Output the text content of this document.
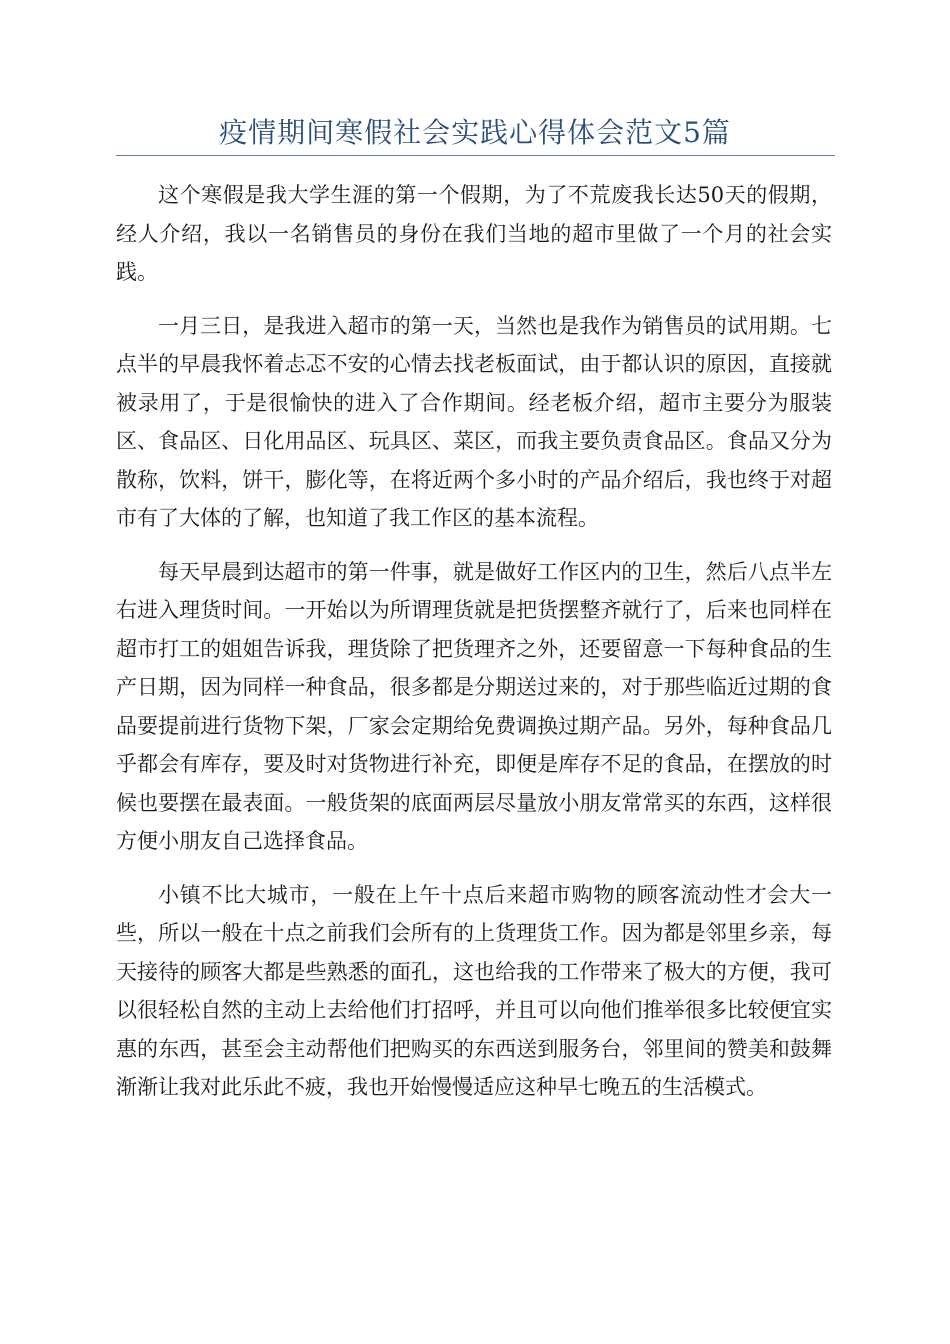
疫情期间寒假社会实践心得体会范文5篇

这个寒假是我大学生涯的第一个假期，为了不荒废我长达50天的假期，经人介绍，我以一名销售员的身份在我们当地的超市里做了一个月的社会实践。

一月三日，是我进入超市的第一天，当然也是我作为销售员的试用期。七点半的早晨我怀着忐忑不安的心情去找老板面试，由于都认识的原因，直接就被录用了，于是很愉快的进入了合作期间。经老板介绍，超市主要分为服装区、食品区、日化用品区、玩具区、菜区，而我主要负责食品区。食品又分为散称，饮料，饼干，膨化等，在将近两个多小时的产品介绍后，我也终于对超市有了大体的了解，也知道了我工作区的基本流程。

每天早晨到达超市的第一件事，就是做好工作区内的卫生，然后八点半左右进入理货时间。一开始以为所谓理货就是把货摆整齐就行了，后来也同样在超市打工的姐姐告诉我，理货除了把货理齐之外，还要留意一下每种食品的生产日期，因为同样一种食品，很多都是分期送过来的，对于那些临近过期的食品要提前进行货物下架，厂家会定期给免费调换过期产品。另外，每种食品几乎都会有库存，要及时对货物进行补充，即便是库存不足的食品，在摆放的时候也要摆在最表面。一般货架的底面两层尽量放小朋友常常买的东西，这样很方便小朋友自己选择食品。

小镇不比大城市，一般在上午十点后来超市购物的顾客流动性才会大一些，所以一般在十点之前我们会所有的上货理货工作。因为都是邻里乡亲，每天接待的顾客大都是些熟悉的面孔，这也给我的工作带来了极大的方便，我可以很轻松自然的主动上去给他们打招呼，并且可以向他们推举很多比较便宜实惠的东西，甚至会主动帮他们把购买的东西送到服务台，邻里间的赞美和鼓舞渐渐让我对此乐此不疲，我也开始慢慢适应这种早七晚五的生活模式。
